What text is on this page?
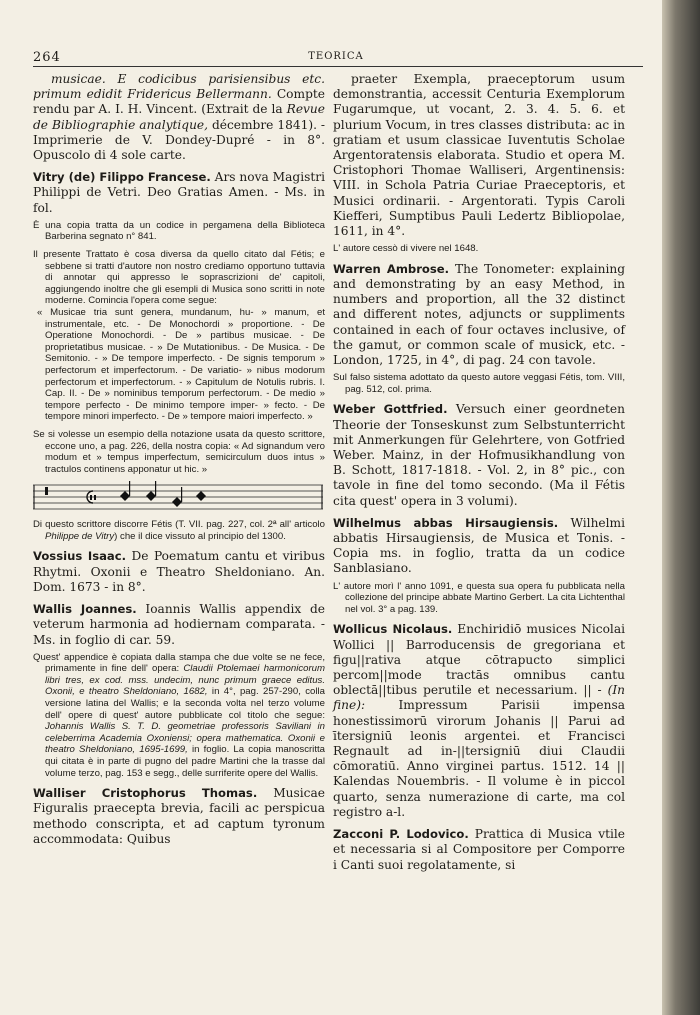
264	TEORICA

musicae. E codicibus parisiensibus etc. primum edidit Fridericus Bellermann. Compte rendu par A. I. H. Vincent. (Extrait de la Revue de Bibliographie analytique, décembre 1841). - Imprimerie de V. Dondey-Dupré - in 8°. Opuscolo di 4 sole carte.

Vitry (de) Filippo Francese. Ars nova Magistri Philippi de Vetri. Deo Gratias Amen. - Ms. in fol.

È una copia tratta da un codice in pergamena della Biblioteca Barberina segnato n° 841.
Il presente Trattato è cosa diversa da quello citato dal Fétis; e sebbene si tratti d'autore non nostro crediamo opportuno tuttavia di annotar qui appresso le soprascrizioni de' capitoli, aggiungendo inoltre che gli esempli di Musica sono scritti in note moderne. Comincia l'opera come segue:
« Musicae tria sunt genera, mundanum, hu- » manum, et instrumentale, etc. - De Monochordi » proportione. - De Operatione Monochordi. - De » partibus musicae. - De proprietatibus musicae. - » De Mutationibus. - De Musica. - De Semitonio. - » De tempore imperfecto. - De signis temporum » perfectorum et imperfectorum. - De variatio- » nibus modorum perfectorum et imperfectorum. - » Capitulum de Notulis rubris. I. Cap. II. - De » nominibus temporum perfectorum. - De medio » tempore perfecto - De minimo tempore imper- » fecto. - De tempore minori imperfecto. - De » tempore maiori imperfecto. »
Se si volesse un esempio della notazione usata da questo scrittore, eccone uno, a pag. 226, della nostra copia: « Ad signandum vero modum et » tempus imperfectum, semicirculum duos intus » tractulos continens apponatur ut hic. »
Di questo scrittore discorre Fétis (T. VII. pag. 227, col. 2ª all' articolo Philippe de Vitry) che il dice vissuto al principio del 1300.

Vossius Isaac. De Poematum cantu et viribus Rhytmi. Oxonii e Theatro Sheldoniano. An. Dom. 1673 - in 8°.

Wallis Joannes. Ioannis Wallis appendix de veterum harmonia ad hodiernam comparata. - Ms. in foglio di car. 59.

Quest' appendice è copiata dalla stampa che due volte se ne fece, primamente in fine dell' opera: Claudii Ptolemaei harmonicorum libri tres, ex cod. mss. undecim, nunc primum graece editus. Oxonii, e theatro Sheldoniano, 1682, in 4°, pag. 257-290, colla versione latina del Wallis; e la seconda volta nel terzo volume dell' opere di quest' autore pubblicate col titolo che segue: Johannis Wallis S. T. D. geometriae professoris Saviliani in celeberrima Academia Oxoniensi; opera mathematica. Oxonii e theatro Sheldoniano, 1695-1699, in foglio. La copia manoscritta qui citata è in parte di pugno del padre Martini che la trasse dal volume terzo, pag. 153 e segg., delle surriferite opere del Wallis.

Walliser Cristophorus Thomas. Musicae Figuralis praecepta brevia, facili ac perspicua methodo conscripta, et ad captum tyronum accommodata: Quibus

praeter Exempla, praeceptorum usum demonstrantia, accessit Centuria Exemplorum Fugarumque, ut vocant, 2. 3. 4. 5. 6. et plurium Vocum, in tres classes distributa: ac in gratiam et usum classicae Iuventutis Scholae Argentoratensis elaborata. Studio et opera M. Cristophori Thomae Walliseri, Argentinensis: VIII. in Schola Patria Curiae Praeceptoris, et Musici ordinarii. - Argentorati. Typis Caroli Kiefferi, Sumptibus Pauli Ledertz Bibliopolae, 1611, in 4°.

L' autore cessò di vivere nel 1648.

Warren Ambrose. The Tonometer: explaining and demonstrating by an easy Method, in numbers and proportion, all the 32 distinct and different notes, adjuncts or suppliments contained in each of four octaves inclusive, of the gamut, or common scale of musick, etc. - London, 1725, in 4°, di pag. 24 con tavole.

Sul falso sistema adottato da questo autore veggasi Fétis, tom. VIII, pag. 512, col. prima.

Weber Gottfried. Versuch einer geordneten Theorie der Tonseskunst zum Selbstunterricht mit Anmerkungen für Gelehrtere, von Gotfried Weber. Mainz, in der Hofmusikhandlung von B. Schott, 1817-1818. - Vol. 2, in 8° pic., con tavole in fine del tomo secondo. (Ma il Fétis cita quest' opera in 3 volumi).

Wilhelmus abbas Hirsaugiensis. Wilhelmi abbatis Hirsaugiensis, de Musica et Tonis. - Copia ms. in foglio, tratta da un codice Sanblasiano.

L' autore morì l' anno 1091, e questa sua opera fu pubblicata nella collezione del principe abbate Martino Gerbert. La cita Lichtenthal nel vol. 3° a pag. 139.

Wollicus Nicolaus. Enchiridiō musices Nicolai Wollici || Barroducensis de gregoriana et figu||rativa atque cōtrapucto simplici percom||mode tractās omnibus cantu oblectā||tibus perutile et necessarium. || - (In fine): Impressum Parisii impensa honestissimorū virorum Johanis || Parui ad ītersigniū leonis argentei. et Francisci Regnault ad in-||tersigniū diui Claudii cōmoratiū. Anno virginei partus. 1512. 14 || Kalendas Nouembris. - Il volume è in piccol quarto, senza numerazione di carte, ma col registro a-l.

Zacconi P. Lodovico. Prattica di Musica vtile et necessaria si al Compositore per Comporre i Canti suoi regolatamente, si
